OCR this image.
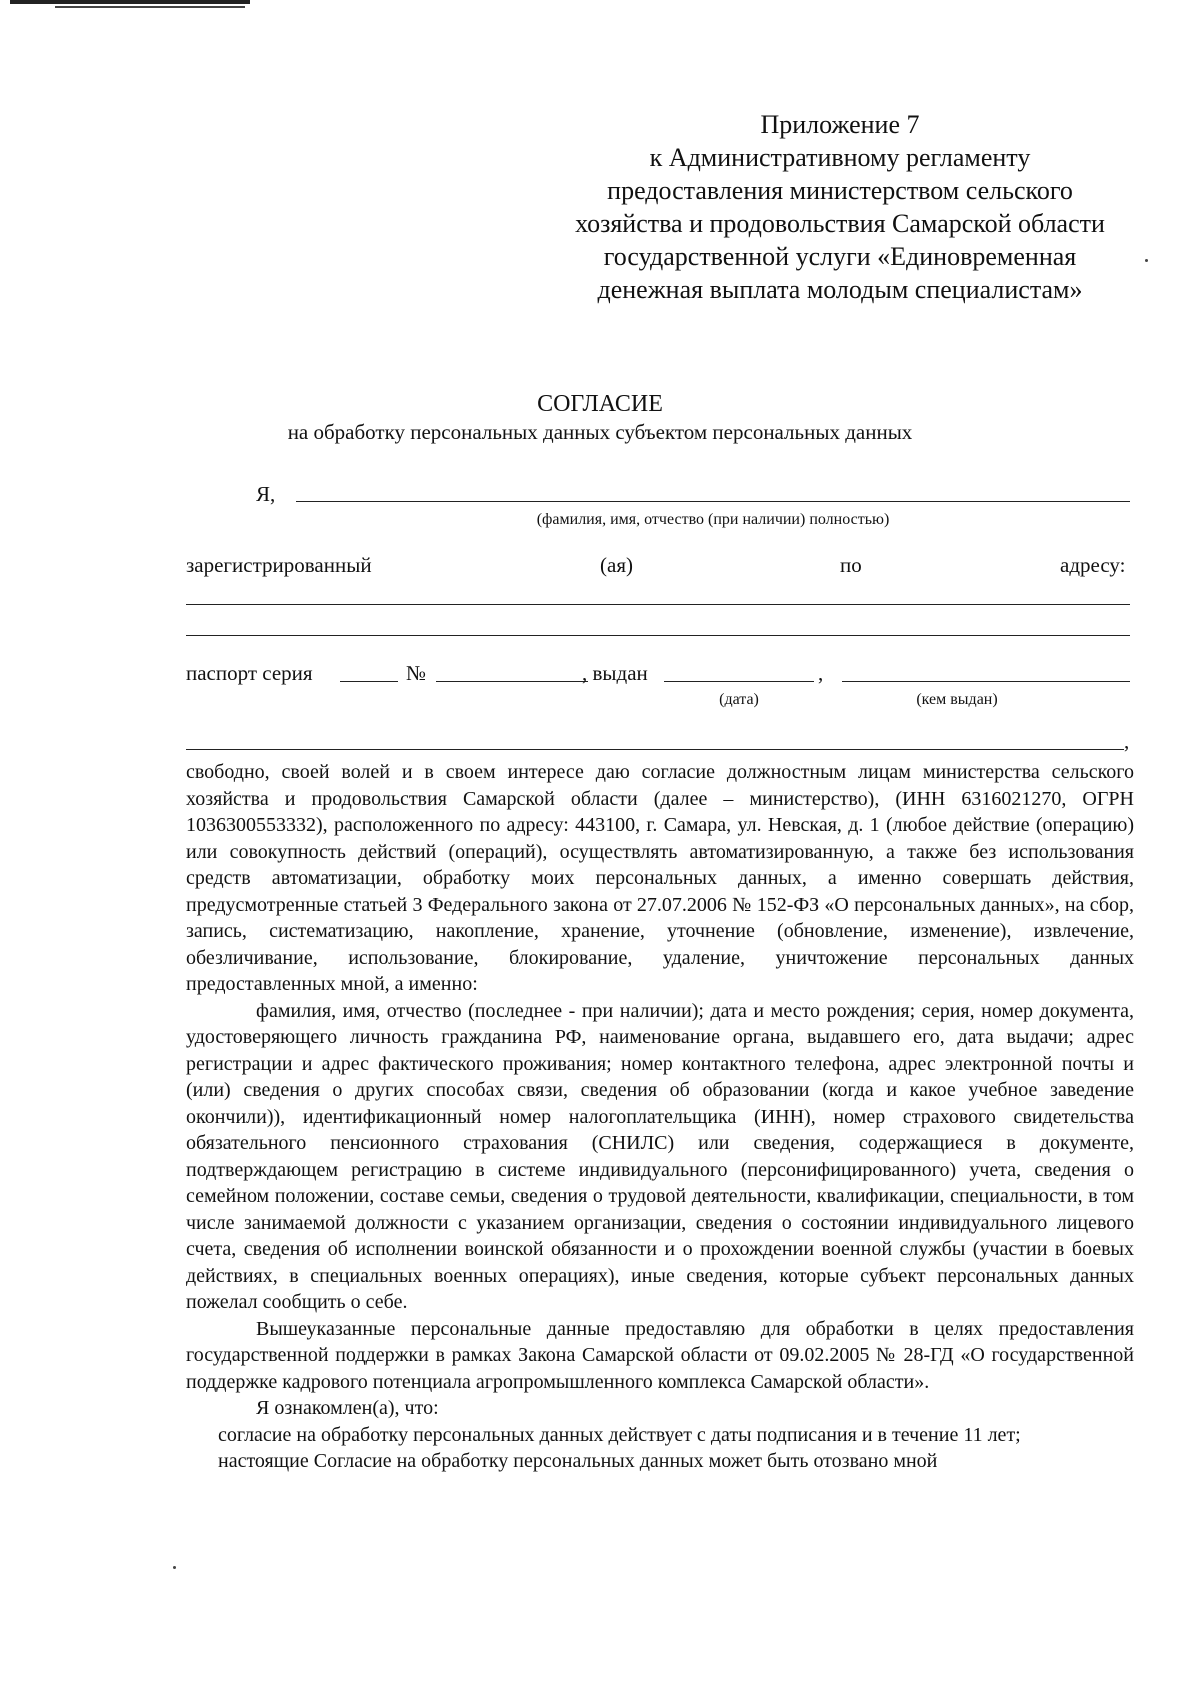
Приложение 7
к Административному регламенту
предоставления министерством сельского
хозяйства и продовольствия Самарской области
государственной услуги «Единовременная
денежная выплата молодым специалистам»
СОГЛАСИЕ
на обработку персональных данных субъектом персональных данных
Я,
(фамилия, имя, отчество (при наличии) полностью)
зарегистрированный	(ая)	по	адресу:
паспорт серия	№	, выдан	,
(дата)	(кем выдан)
,

свободно, своей волей и в своем интересе даю согласие должностным лицам министерства сельского хозяйства и продовольствия Самарской области (далее – министерство), (ИНН 6316021270, ОГРН 1036300553332), расположенного по адресу: 443100, г. Самара, ул. Невская, д. 1 (любое действие (операцию) или совокупность действий (операций), осуществлять автоматизированную, а также без использования средств автоматизации, обработку моих персональных данных, а именно совершать действия, предусмотренные статьей 3 Федерального закона от 27.07.2006 № 152-ФЗ «О персональных данных», на сбор, запись, систематизацию, накопление, хранение, уточнение (обновление, изменение), извлечение, обезличивание, использование, блокирование, удаление, уничтожение персональных данных предоставленных мной, а именно:

фамилия, имя, отчество (последнее - при наличии); дата и место рождения; серия, номер документа, удостоверяющего личность гражданина РФ, наименование органа, выдавшего его, дата выдачи; адрес регистрации и адрес фактического проживания; номер контактного телефона, адрес электронной почты и (или) сведения о других способах связи, сведения об образовании (когда и какое учебное заведение окончили)), идентификационный номер налогоплательщика (ИНН), номер страхового свидетельства обязательного пенсионного страхования (СНИЛС) или сведения, содержащиеся в документе, подтверждающем регистрацию в системе индивидуального (персонифицированного) учета, сведения о семейном положении, составе семьи, сведения о трудовой деятельности, квалификации, специальности, в том числе занимаемой должности с указанием организации, сведения о состоянии индивидуального лицевого счета, сведения об исполнении воинской обязанности и о прохождении военной службы (участии в боевых действиях, в специальных военных операциях), иные сведения, которые субъект персональных данных пожелал сообщить о себе.

Вышеуказанные персональные данные предоставляю для обработки в целях предоставления государственной поддержки в рамках Закона Самарской области от 09.02.2005 № 28-ГД «О государственной поддержке кадрового потенциала агропромышленного комплекса Самарской области».

Я ознакомлен(а), что:

согласие на обработку персональных данных действует с даты подписания и в течение 11 лет;

настоящие Согласие на обработку персональных данных может быть отозвано мной
